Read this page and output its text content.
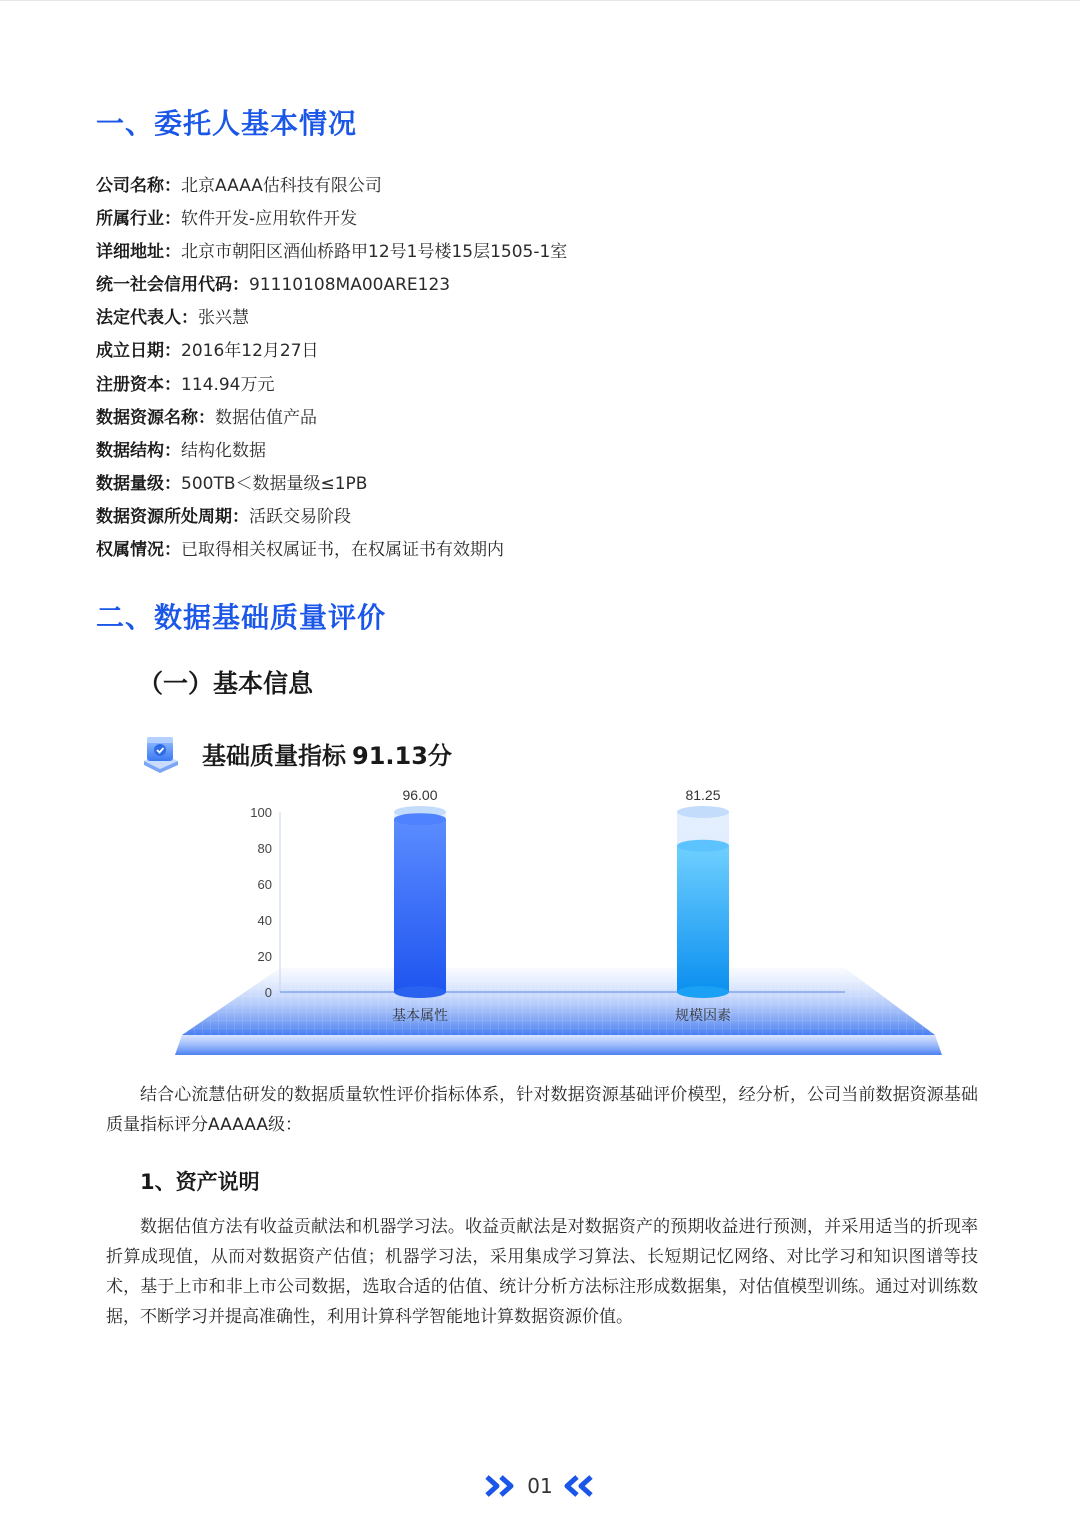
一、委托人基本情况
公司名称：北京AAAA估科技有限公司
所属行业：软件开发-应用软件开发
详细地址：北京市朝阳区酒仙桥路甲12号1号楼15层1505-1室
统一社会信用代码：91110108MA00ARE123
法定代表人：张兴慧
成立日期：2016年12月27日
注册资本：114.94万元
数据资源名称：数据估值产品
数据结构：结构化数据
数据量级：500TB＜数据量级≤1PB
数据资源所处周期：活跃交易阶段
权属情况：已取得相关权属证书，在权属证书有效期内
二、数据基础质量评价
（一）基本信息
基础质量指标 91.13分
0
20
40
60
80
100
96.00
基本属性
81.25
规模因素

结合心流慧估研发的数据质量软性评价指标体系，针对数据资源基础评价模型，经分析，公司当前数据资源基础质量指标评分AAAAA级：

1、资产说明

数据估值方法有收益贡献法和机器学习法。收益贡献法是对数据资产的预期收益进行预测，并采用适当的折现率折算成现值，从而对数据资产估值；机器学习法，采用集成学习算法、长短期记忆网络、对比学习和知识图谱等技术，基于上市和非上市公司数据，选取合适的估值、统计分析方法标注形成数据集，对估值模型训练。通过对训练数据，不断学习并提高准确性，利用计算科学智能地计算数据资源价值。

01
